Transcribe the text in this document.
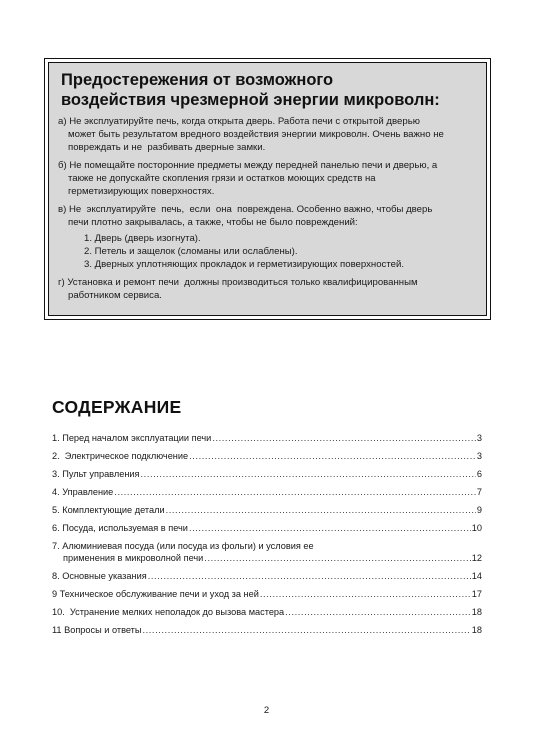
Предостережения от возможного
воздействия чрезмерной энергии микроволн:
а) Не эксплуатируйте печь, когда открыта дверь. Работа печи с открытой дверью
может быть результатом вредного воздействия энергии микроволн. Очень важно не
повреждать и не  разбивать дверные замки.
б) Не помещайте посторонние предметы между передней панелью печи и дверью, а
также не допускайте скопления грязи и остатков моющих средств на
герметизирующих поверхностях.
в) Не  эксплуатируйте  печь,  если  она  повреждена. Особенно важно, чтобы дверь
печи плотно закрывалась, а также, чтобы не было повреждений:
1. Дверь (дверь изогнута).
2. Петель и защелок (сломаны или ослаблены).
3. Дверных уплотняющих прокладок и герметизирующих поверхностей.
г) Установка и ремонт печи  должны производиться только квалифицированным
работником сервиса.
СОДЕРЖАНИЕ
1. Перед началом эксплуатации печи .....	3
2.  Электрическое подключение .....	3
3. Пульт управления .....	6
4. Управление .....	7
5. Комплектующие детали .....	9
6. Посуда, используемая в печи .....	10
7. Алюминиевая посуда (или посуда из фольги) и условия ее
применения в микроволной печи .....	12
8. Основные указания .....	14
9 Техническое обслуживание печи и уход за ней .....	17
10.  Устранение мелких неполадок до вызова мастера .....	18
11 Вопросы и ответы .....	18
2
